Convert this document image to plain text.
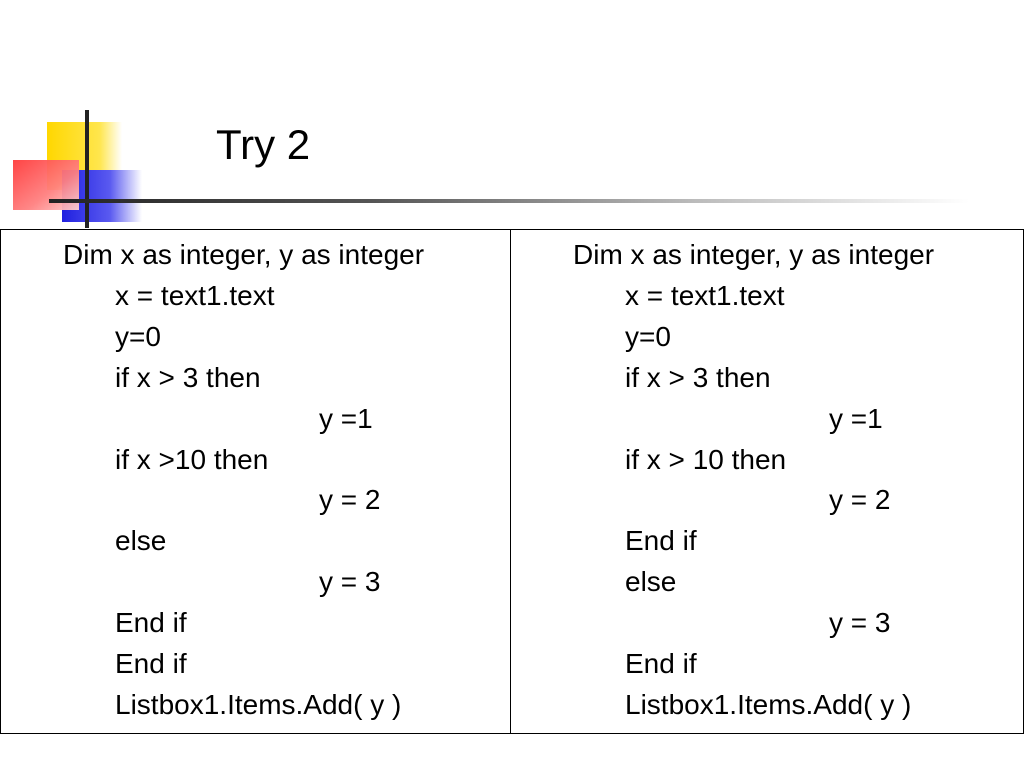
Try 2
Dim x as integer, y as integer
x = text1.text
y=0
if x > 3 then
y =1
if x >10 then
y = 2
else
y = 3
End if
End if
Listbox1.Items.Add( y )

Dim x as integer, y as integer
x = text1.text
y=0
if x > 3 then
y =1
if x > 10 then
y = 2
End if
else
y = 3
End if
Listbox1.Items.Add( y )
